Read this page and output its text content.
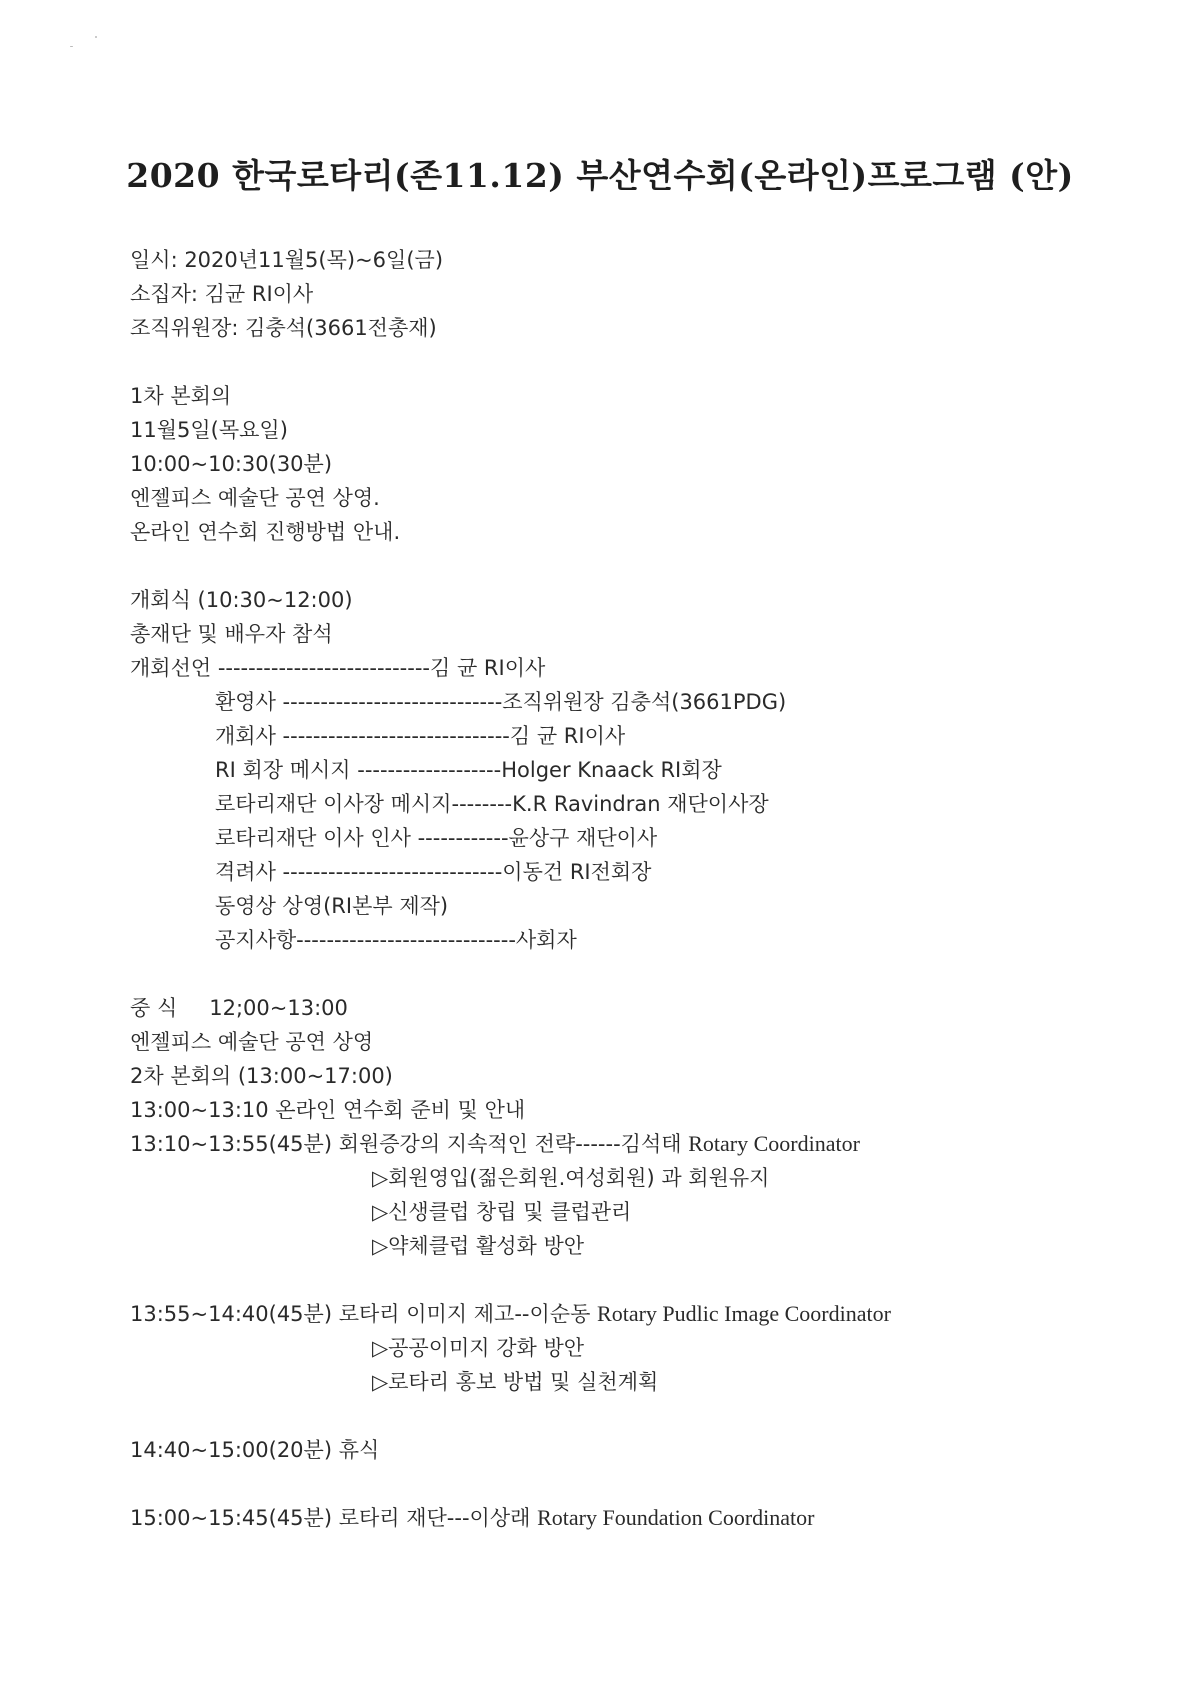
2020 한국로타리(존11.12) 부산연수회(온라인)프로그램 (안)
일시: 2020년11월5(목)~6일(금)
소집자: 김균 RI이사
조직위원장: 김충석(3661전총재)
1차 본회의
11월5일(목요일)
10:00~10:30(30분)
엔젤피스 예술단 공연 상영.
온라인 연수회 진행방법 안내.
개회식 (10:30~12:00)
총재단 및 배우자 참석
개회선언 ----------------------------김 균 RI이사
환영사 -----------------------------조직위원장 김충석(3661PDG)
개회사 ------------------------------김 균 RI이사
RI 회장 메시지 -------------------Holger Knaack RI회장
로타리재단 이사장 메시지--------K.R Ravindran 재단이사장
로타리재단 이사 인사 ------------윤상구 재단이사
격려사 -----------------------------이동건 RI전회장
동영상 상영(RI본부 제작)
공지사항-----------------------------사회자
중 식 12;00~13:00
엔젤피스 예술단 공연 상영
2차 본회의 (13:00~17:00)
13:00~13:10 온라인 연수회 준비 및 안내
13:10~13:55(45분) 회원증강의 지속적인 전략------김석태 Rotary Coordinator
▷회원영입(젊은회원.여성회원) 과 회원유지
▷신생클럽 창립 및 클럽관리
▷약체클럽 활성화 방안
13:55~14:40(45분) 로타리 이미지 제고--이순동 Rotary Pudlic Image Coordinator
▷공공이미지 강화 방안
▷로타리 홍보 방법 및 실천계획
14:40~15:00(20분) 휴식
15:00~15:45(45분) 로타리 재단---이상래 Rotary Foundation Coordinator
